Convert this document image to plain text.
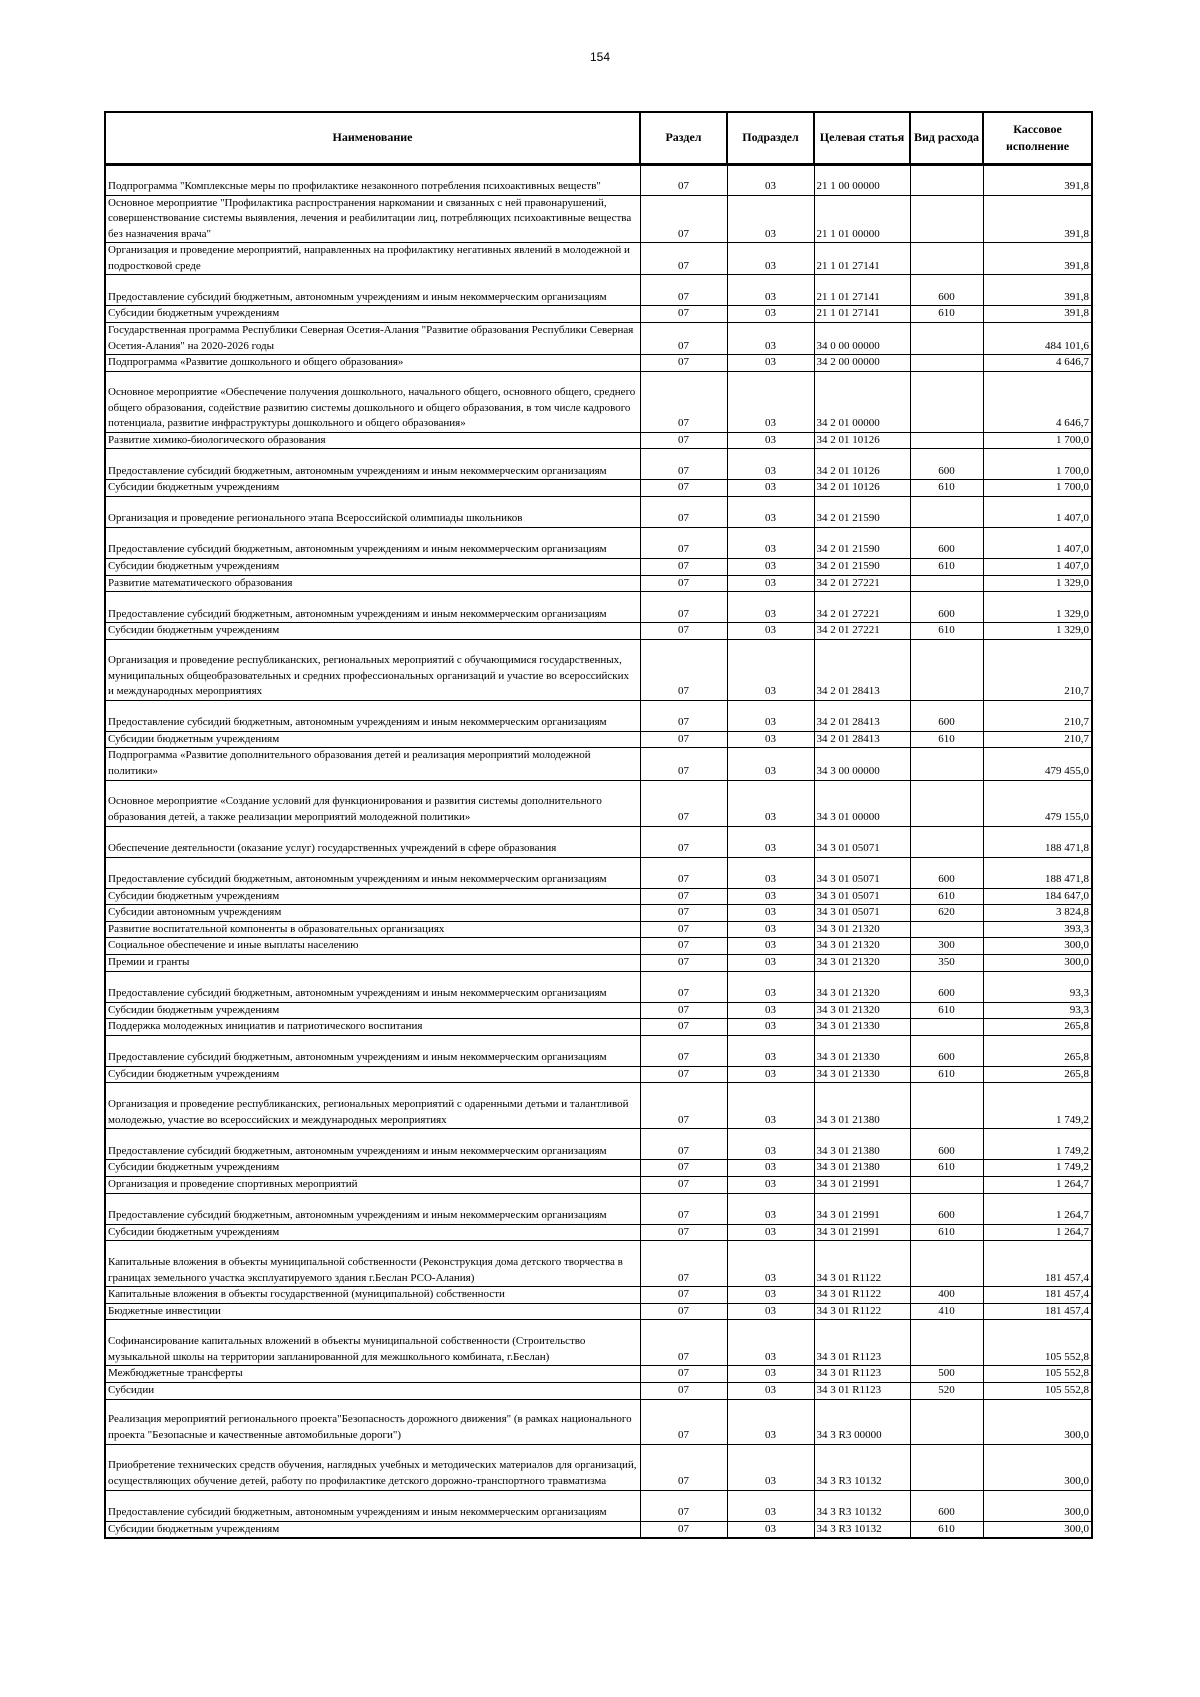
154
Наименование	Раздел	Подраздел	Целевая статья	Вид расхода	Кассовое исполнение
Подпрограмма "Комплексные меры по профилактике незаконного потребления психоактивных веществ"	07	03	21 1 00 00000		391,8
Основное мероприятие "Профилактика распространения наркомании и связанных с ней правонарушений, совершенствование системы выявления, лечения и реабилитации лиц, потребляющих психоактивные вещества без назначения врача"	07	03	21 1 01 00000		391,8
Организация и проведение мероприятий, направленных на профилактику негативных явлений в молодежной и подростковой среде	07	03	21 1 01 27141		391,8
Предоставление субсидий бюджетным, автономным учреждениям и иным некоммерческим организациям	07	03	21 1 01 27141	600	391,8
Субсидии бюджетным учреждениям	07	03	21 1 01 27141	610	391,8
Государственная программа Республики Северная Осетия-Алания "Развитие образования Республики Северная Осетия-Алания" на 2020-2026 годы	07	03	34 0 00 00000		484 101,6
Подпрограмма «Развитие дошкольного и общего образования»	07	03	34 2 00 00000		4 646,7
Основное мероприятие «Обеспечение получения дошкольного, начального общего, основного общего, среднего общего образования, содействие развитию системы дошкольного и общего образования, в том числе кадрового потенциала, развитие инфраструктуры дошкольного и общего образования»	07	03	34 2 01 00000		4 646,7
Развитие химико-биологического образования	07	03	34 2 01 10126		1 700,0
Предоставление субсидий бюджетным, автономным учреждениям и иным некоммерческим организациям	07	03	34 2 01 10126	600	1 700,0
Субсидии бюджетным учреждениям	07	03	34 2 01 10126	610	1 700,0
Организация и проведение регионального этапа Всероссийской олимпиады школьников	07	03	34 2 01 21590		1 407,0
Предоставление субсидий бюджетным, автономным учреждениям и иным некоммерческим организациям	07	03	34 2 01 21590	600	1 407,0
Субсидии бюджетным учреждениям	07	03	34 2 01 21590	610	1 407,0
Развитие математического образования	07	03	34 2 01 27221		1 329,0
Предоставление субсидий бюджетным, автономным учреждениям и иным некоммерческим организациям	07	03	34 2 01 27221	600	1 329,0
Субсидии бюджетным учреждениям	07	03	34 2 01 27221	610	1 329,0
Организация и проведение республиканских, региональных мероприятий с обучающимися государственных, муниципальных общеобразовательных и средних профессиональных организаций и участие во всероссийских и международных мероприятиях	07	03	34 2 01 28413		210,7
Предоставление субсидий бюджетным, автономным учреждениям и иным некоммерческим организациям	07	03	34 2 01 28413	600	210,7
Субсидии бюджетным учреждениям	07	03	34 2 01 28413	610	210,7
Подпрограмма «Развитие дополнительного образования детей и реализация мероприятий молодежной политики»	07	03	34 3 00 00000		479 455,0
Основное мероприятие «Создание условий для функционирования и развития системы дополнительного образования детей, а также реализации мероприятий молодежной политики»	07	03	34 3 01 00000		479 155,0
Обеспечение деятельности (оказание услуг) государственных учреждений в сфере образования	07	03	34 3 01 05071		188 471,8
Предоставление субсидий бюджетным, автономным учреждениям и иным некоммерческим организациям	07	03	34 3 01 05071	600	188 471,8
Субсидии бюджетным учреждениям	07	03	34 3 01 05071	610	184 647,0
Субсидии автономным учреждениям	07	03	34 3 01 05071	620	3 824,8
Развитие воспитательной компоненты в образовательных организациях	07	03	34 3 01 21320		393,3
Социальное обеспечение и иные выплаты населению	07	03	34 3 01 21320	300	300,0
Премии и гранты	07	03	34 3 01 21320	350	300,0
Предоставление субсидий бюджетным, автономным учреждениям и иным некоммерческим организациям	07	03	34 3 01 21320	600	93,3
Субсидии бюджетным учреждениям	07	03	34 3 01 21320	610	93,3
Поддержка молодежных инициатив и патриотического воспитания	07	03	34 3 01 21330		265,8
Предоставление субсидий бюджетным, автономным учреждениям и иным некоммерческим организациям	07	03	34 3 01 21330	600	265,8
Субсидии бюджетным учреждениям	07	03	34 3 01 21330	610	265,8
Организация и проведение республиканских, региональных мероприятий с одаренными детьми и талантливой молодежью, участие во всероссийских и международных мероприятиях	07	03	34 3 01 21380		1 749,2
Предоставление субсидий бюджетным, автономным учреждениям и иным некоммерческим организациям	07	03	34 3 01 21380	600	1 749,2
Субсидии бюджетным учреждениям	07	03	34 3 01 21380	610	1 749,2
Организация и проведение спортивных мероприятий	07	03	34 3 01 21991		1 264,7
Предоставление субсидий бюджетным, автономным учреждениям и иным некоммерческим организациям	07	03	34 3 01 21991	600	1 264,7
Субсидии бюджетным учреждениям	07	03	34 3 01 21991	610	1 264,7
Капитальные вложения в объекты муниципальной собственности (Реконструкция дома детского творчества в границах земельного участка эксплуатируемого здания г.Беслан РСО-Алания)	07	03	34 3 01 R1122		181 457,4
Капитальные вложения в объекты государственной (муниципальной) собственности	07	03	34 3 01 R1122	400	181 457,4
Бюджетные инвестиции	07	03	34 3 01 R1122	410	181 457,4
Софинансирование капитальных вложений в объекты муниципальной собственности (Строительство музыкальной школы на территории запланированной для межшкольного комбината, г.Беслан)	07	03	34 3 01 R1123		105 552,8
Межбюджетные трансферты	07	03	34 3 01 R1123	500	105 552,8
Субсидии	07	03	34 3 01 R1123	520	105 552,8
Реализация мероприятий регионального проекта"Безопасность дорожного движения" (в рамках национального проекта "Безопасные и качественные автомобильные дороги")	07	03	34 3 R3 00000		300,0
Приобретение технических средств обучения, наглядных учебных и методических материалов для организаций, осуществляющих обучение детей, работу по профилактике детского дорожно-транспортного травматизма	07	03	34 3 R3 10132		300,0
Предоставление субсидий бюджетным, автономным учреждениям и иным некоммерческим организациям	07	03	34 3 R3 10132	600	300,0
Субсидии бюджетным учреждениям	07	03	34 3 R3 10132	610	300,0
